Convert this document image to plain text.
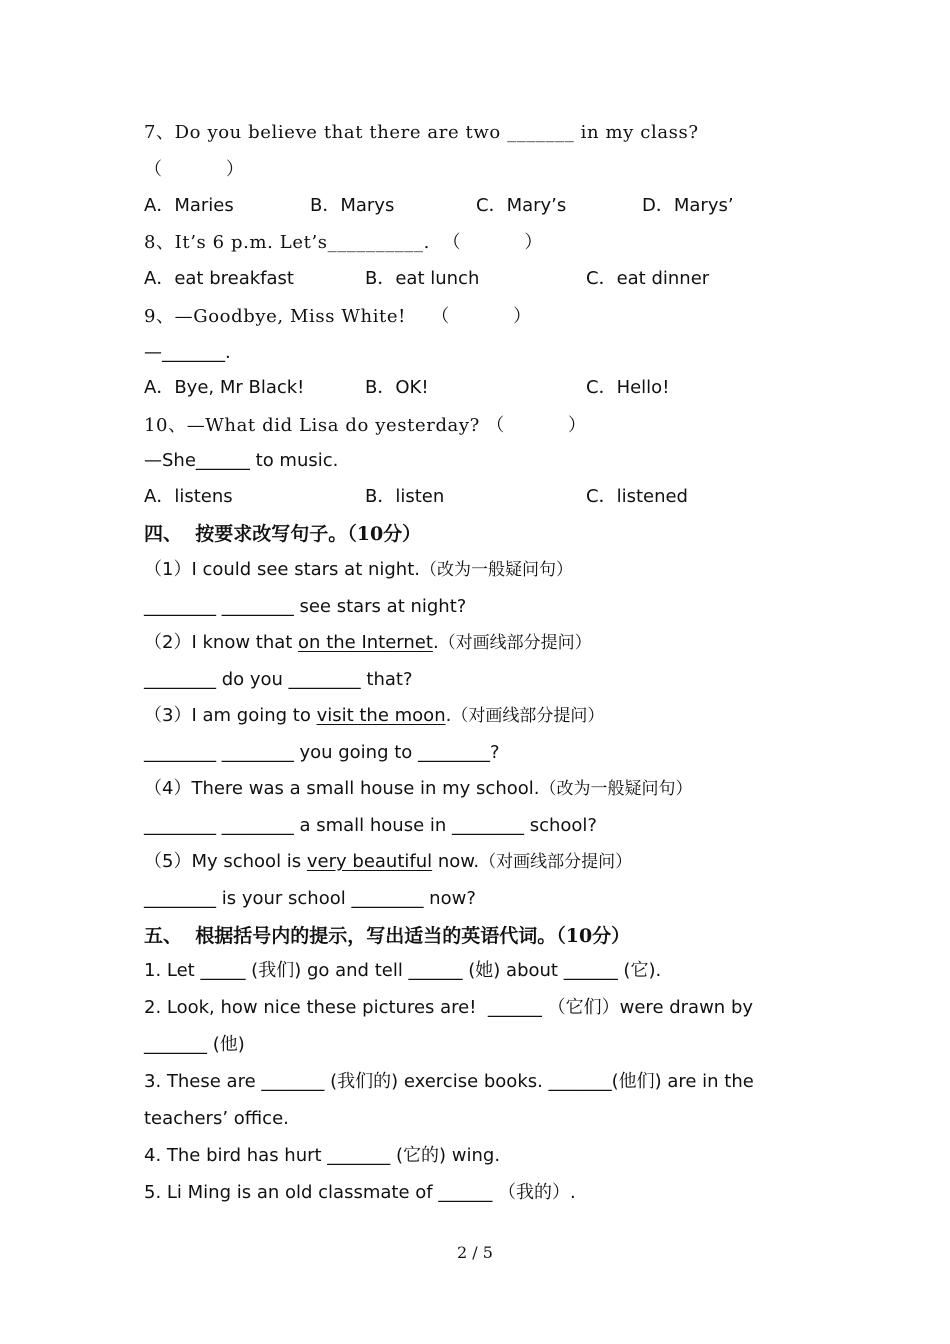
7、Do you believe that there are two _______ in my class?
（          ）
A．Maries	B．Marys	C．Mary’s	D．Marys’
8、It’s 6 p.m. Let’s__________.  （          ）
A．eat breakfast	B．eat lunch	C．eat dinner
9、—Goodbye, Miss White!    （          ）
—_______.
A．Bye, Mr Black!	B．OK!	C．Hello!
10、—What did Lisa do yesterday? （          ）
—She______ to music.
A．listens	B．listen	C．listened
四、  按要求改写句子。（10分）
（1）I could see stars at night.（改为一般疑问句）
________ ________ see stars at night?
（2）I know that on the Internet.（对画线部分提问）
________ do you ________ that?
（3）I am going to visit the moon.（对画线部分提问）
________ ________ you going to ________?
（4）There was a small house in my school.（改为一般疑问句）
________ ________ a small house in ________ school?
（5）My school is very beautiful now.（对画线部分提问）
________ is your school ________ now?
五、  根据括号内的提示，写出适当的英语代词。（10分）
1. Let _____ (我们) go and tell ______ (她) about ______ (它).
2. Look, how nice these pictures are!  ______ （它们）were drawn by
_______ (他)
3. These are _______ (我们的) exercise books. _______(他们) are in the
teachers’ office.
4. The bird has hurt _______ (它的) wing.
5. Li Ming is an old classmate of ______ （我的）.
2 / 5
